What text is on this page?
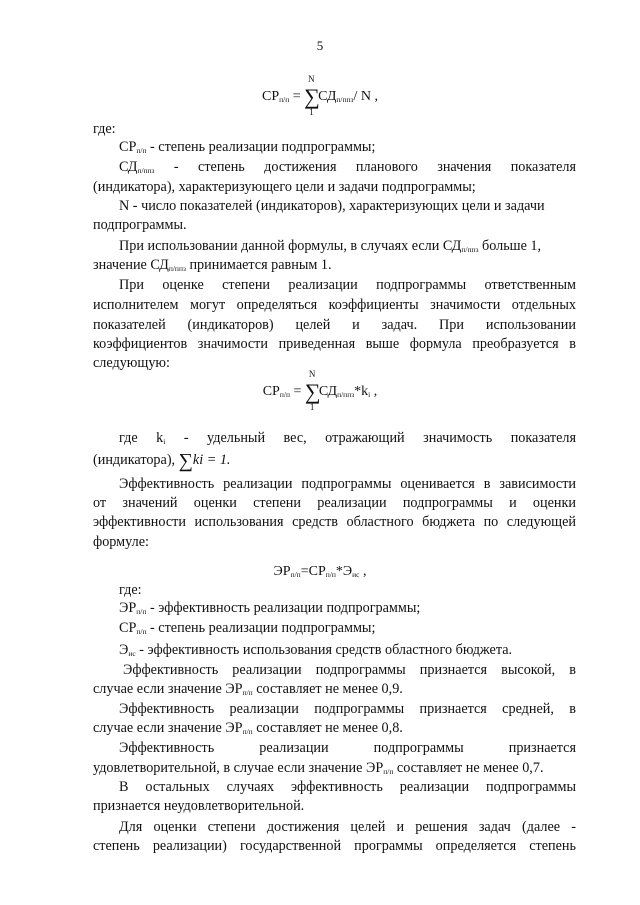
5
$СР_{п/п}$ = ∑
N
1
$СД_{п/ппз}/$ N ,
где:
$СР_{п/п}$ - степень реализации подпрограммы;
$СД_{п/ппз}$ - степень достижения планового значения показателя
(индикатора), характеризующего цели и задачи подпрограммы;
N - число показателей (индикаторов), характеризующих цели и задачи
подпрограммы.
При использовании данной формулы, в случаях если $СД_{п/ппз}$ больше 1,
значение $СД_{п/ппз}$ принимается равным 1.
При оценке степени реализации подпрограммы ответственным
исполнителем могут определяться коэффициенты значимости отдельных
показателей (индикаторов) целей и задач. При использовании
коэффициентов значимости приведенная выше формула преобразуется в
следующую:
$СР_{п/п}$ = ∑
N
1
$СД_{п/ппз}*k_i$ ,
где $k_i$ - удельный вес, отражающий значимость показателя
(индикатора), ∑ki = 1.
Эффективность реализации подпрограммы оценивается в зависимости
от значений оценки степени реализации подпрограммы и оценки
эффективности использования средств областного бюджета по следующей
формуле:
$ЭР_{п/п}=СР_{п/п}*Э_{ис}$ ,
где:
$ЭР_{п/п}$ - эффективность реализации подпрограммы;
$СР_{п/п}$ - степень реализации подпрограммы;
$Э_{ис}$ - эффективность использования средств областного бюджета.
Эффективность реализации подпрограммы признается высокой, в
случае если значение $ЭР_{п/п}$ составляет не менее 0,9.
Эффективность реализации подпрограммы признается средней, в
случае если значение $ЭР_{п/п}$ составляет не менее 0,8.
Эффективность реализации подпрограммы признается
удовлетворительной, в случае если значение $ЭР_{п/п}$ составляет не менее 0,7.
В остальных случаях эффективность реализации подпрограммы
признается неудовлетворительной.
Для оценки степени достижения целей и решения задач (далее -
степень реализации) государственной программы определяется степень
